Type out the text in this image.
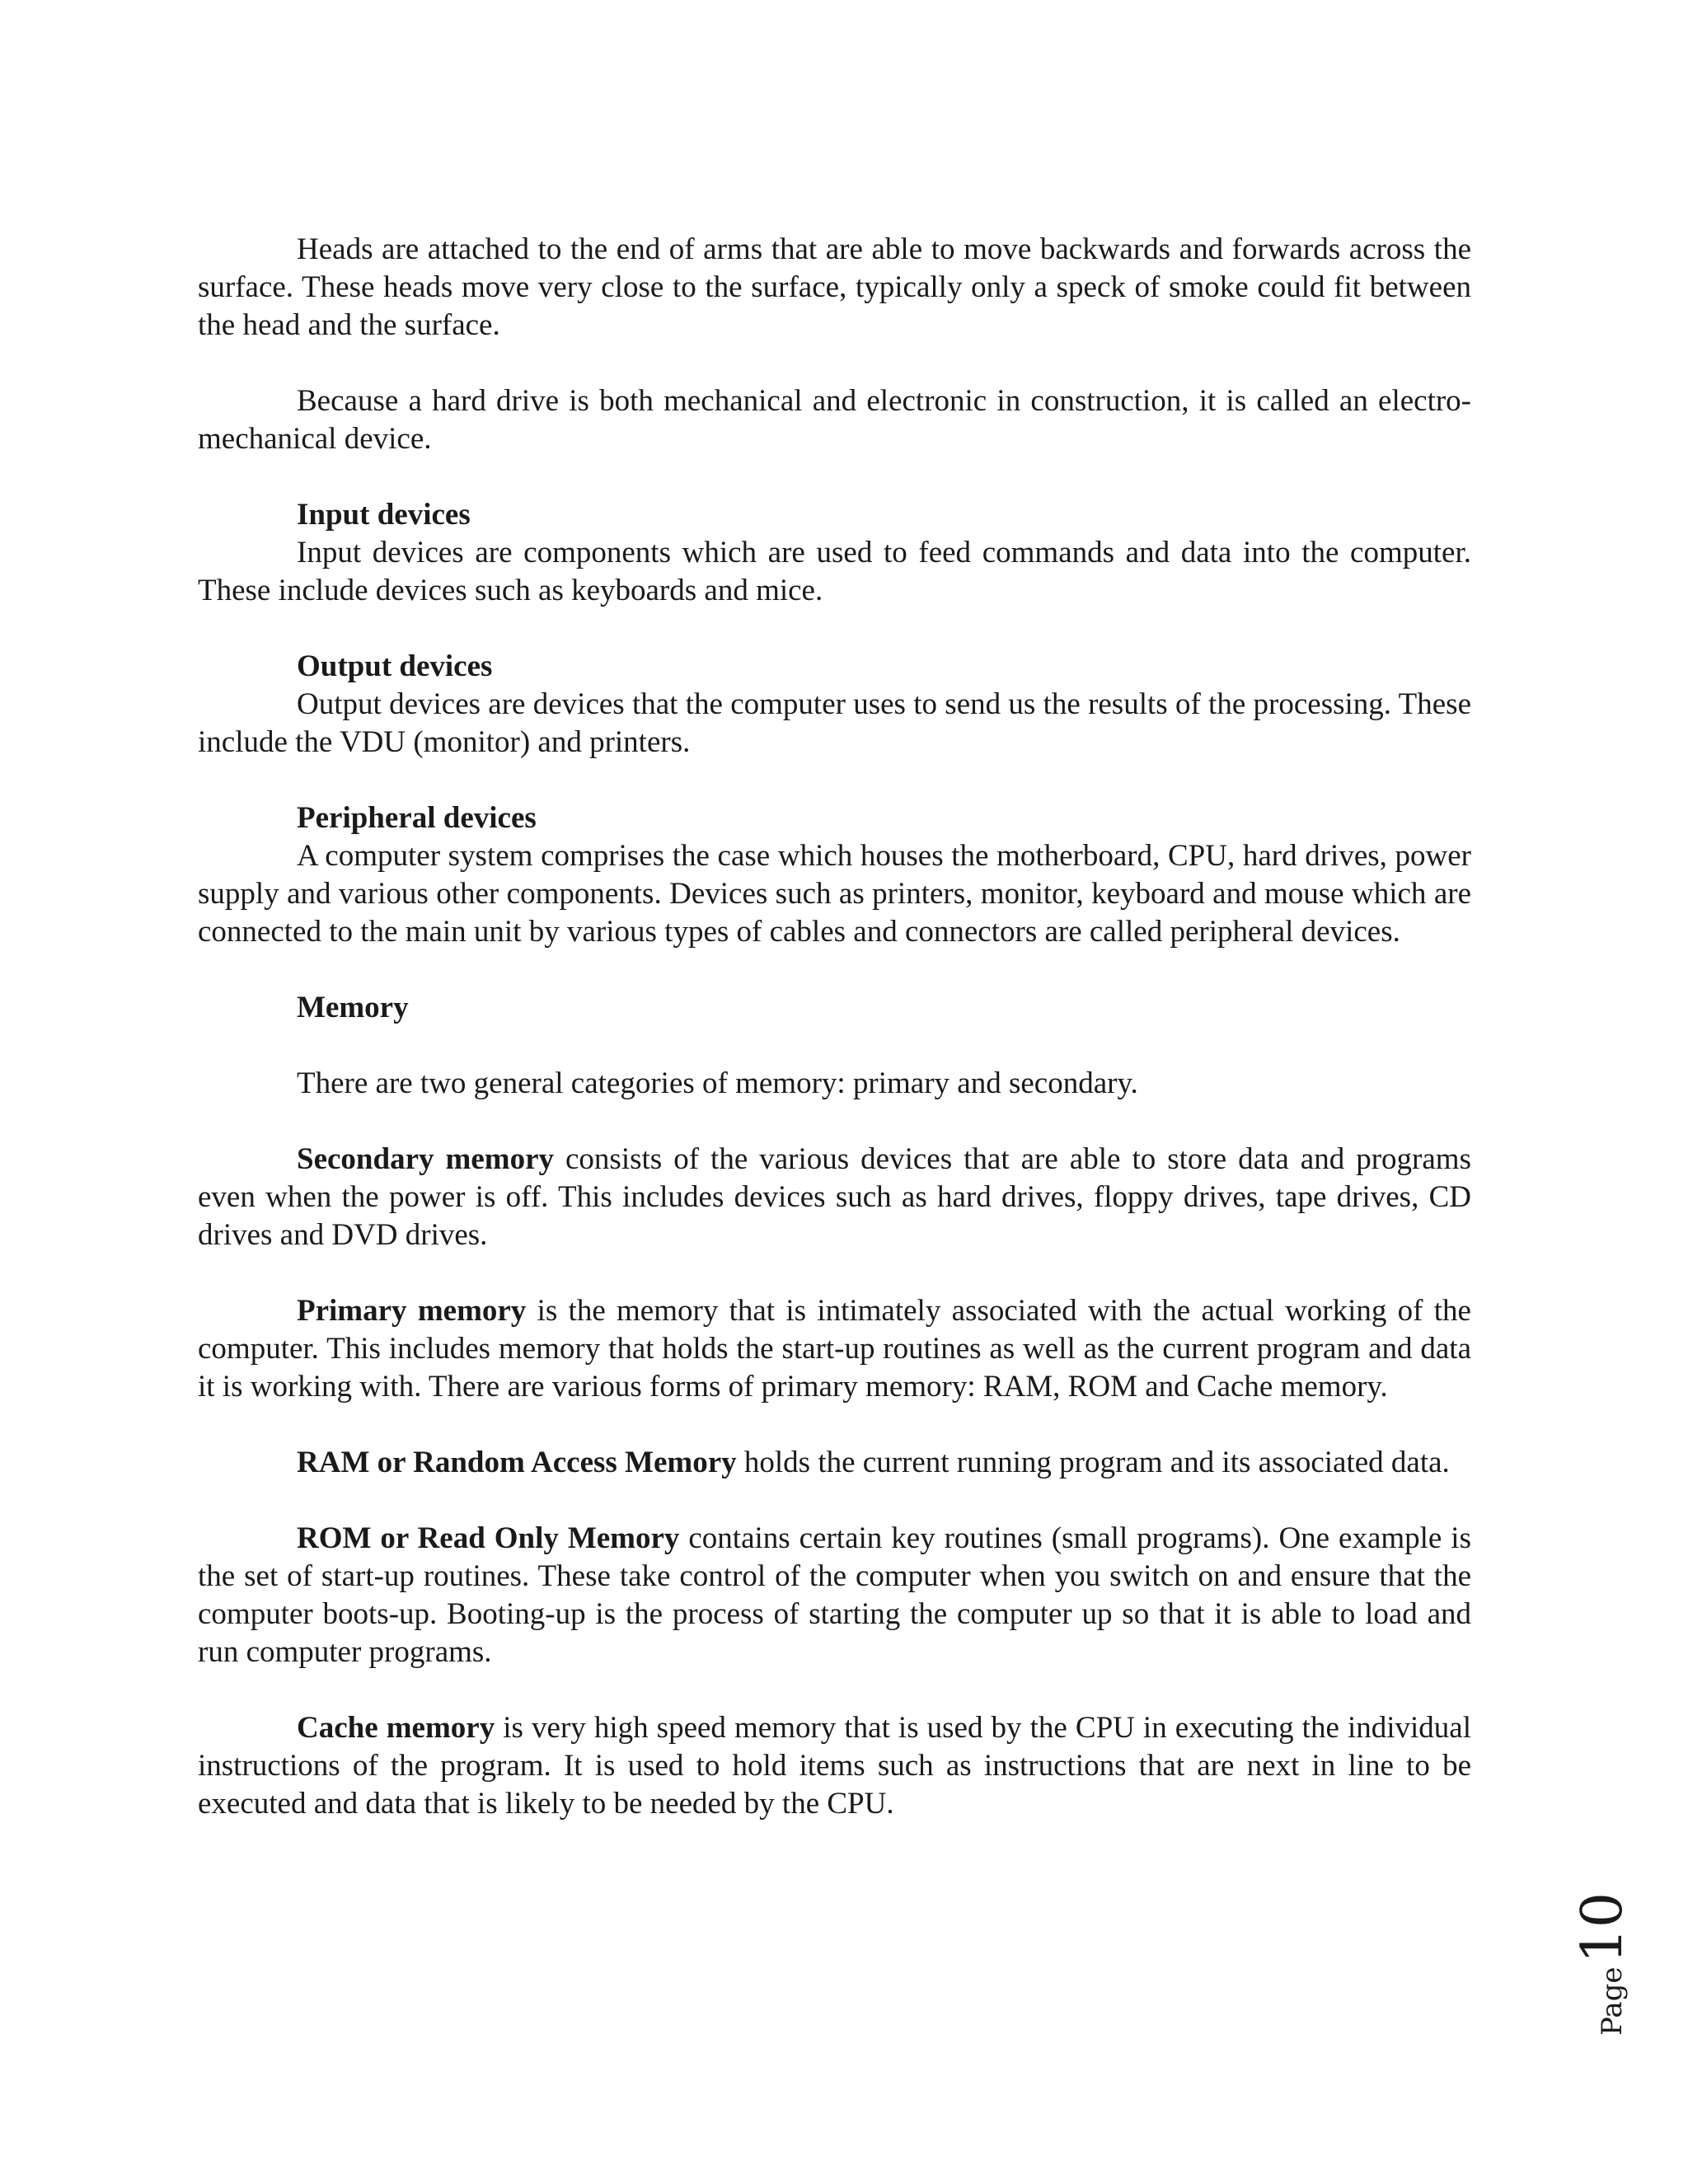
Heads are attached to the end of arms that are able to move backwards and forwards across the surface. These heads move very close to the surface, typically only a speck of smoke could fit between the head and the surface.

Because a hard drive is both mechanical and electronic in construction, it is called an electro-mechanical device.

Input devices

Input devices are components which are used to feed commands and data into the computer. These include devices such as keyboards and mice.

Output devices

Output devices are devices that the computer uses to send us the results of the processing. These include the VDU (monitor) and printers.

Peripheral devices

A computer system comprises the case which houses the motherboard, CPU, hard drives, power supply and various other components. Devices such as printers, monitor, keyboard and mouse which are connected to the main unit by various types of cables and connectors are called peripheral devices.

Memory

There are two general categories of memory: primary and secondary.

Secondary memory consists of the various devices that are able to store data and programs even when the power is off. This includes devices such as hard drives, floppy drives, tape drives, CD drives and DVD drives.

Primary memory is the memory that is intimately associated with the actual working of the computer. This includes memory that holds the start-up routines as well as the current program and data it is working with. There are various forms of primary memory: RAM, ROM and Cache memory.

RAM or Random Access Memory holds the current running program and its associated data.

ROM or Read Only Memory contains certain key routines (small programs). One example is the set of start-up routines. These take control of the computer when you switch on and ensure that the computer boots-up. Booting-up is the process of starting the computer up so that it is able to load and run computer programs.

Cache memory is very high speed memory that is used by the CPU in executing the individual instructions of the program. It is used to hold items such as instructions that are next in line to be executed and data that is likely to be needed by the CPU.

Page
10
